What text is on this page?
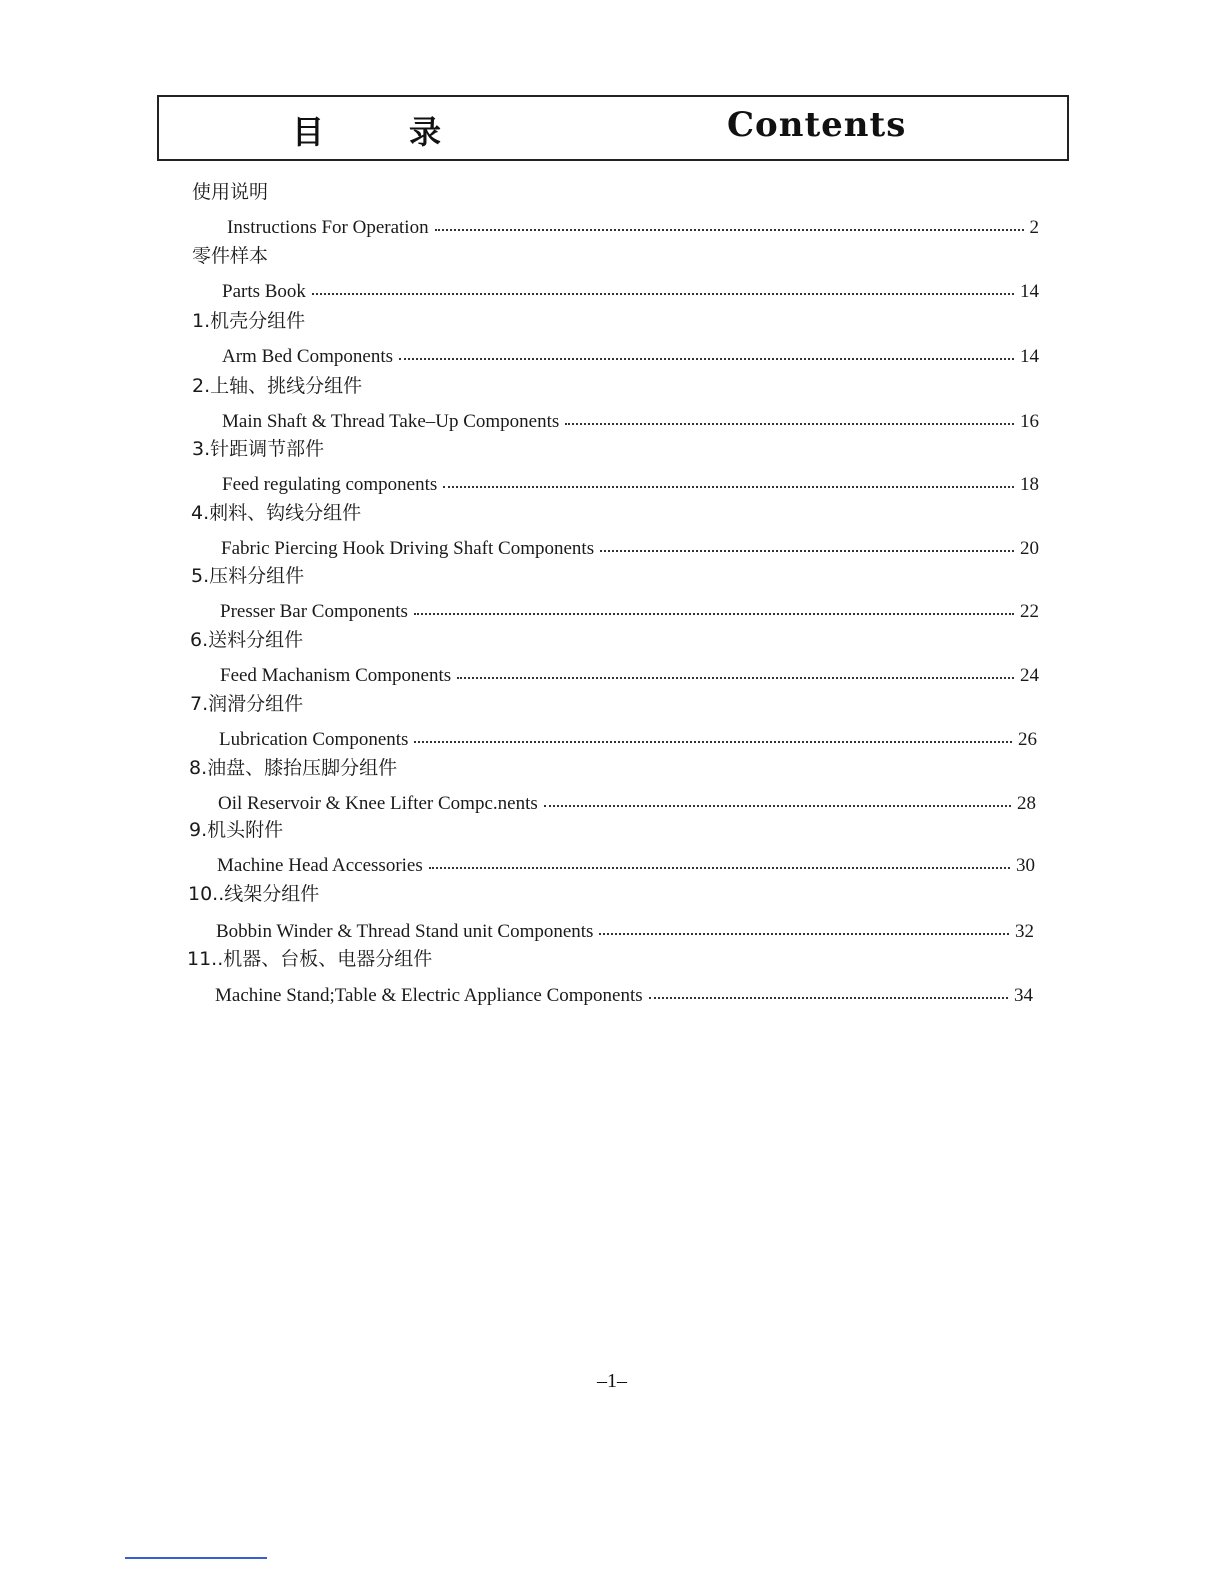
目	录	Contents
使用说明
Instructions For Operation	2
零件样本
Parts Book	14
1.机壳分组件
Arm Bed Components	14
2.上轴、挑线分组件
Main Shaft & Thread Take–Up Components	16
3.针距调节部件
Feed regulating components	18
4.刺料、钩线分组件
Fabric Piercing Hook Driving Shaft Components	20
5.压料分组件
Presser Bar Components	22
6.送料分组件
Feed Machanism Components	24
7.润滑分组件
Lubrication Components	26
8.油盘、膝抬压脚分组件
Oil Reservoir & Knee Lifter Compc.nents	28
9.机头附件
Machine Head Accessories	30
10..线架分组件
Bobbin Winder & Thread Stand unit Components	32
11..机器、台板、电器分组件
Machine Stand;Table & Electric Appliance Components	34
–1–
